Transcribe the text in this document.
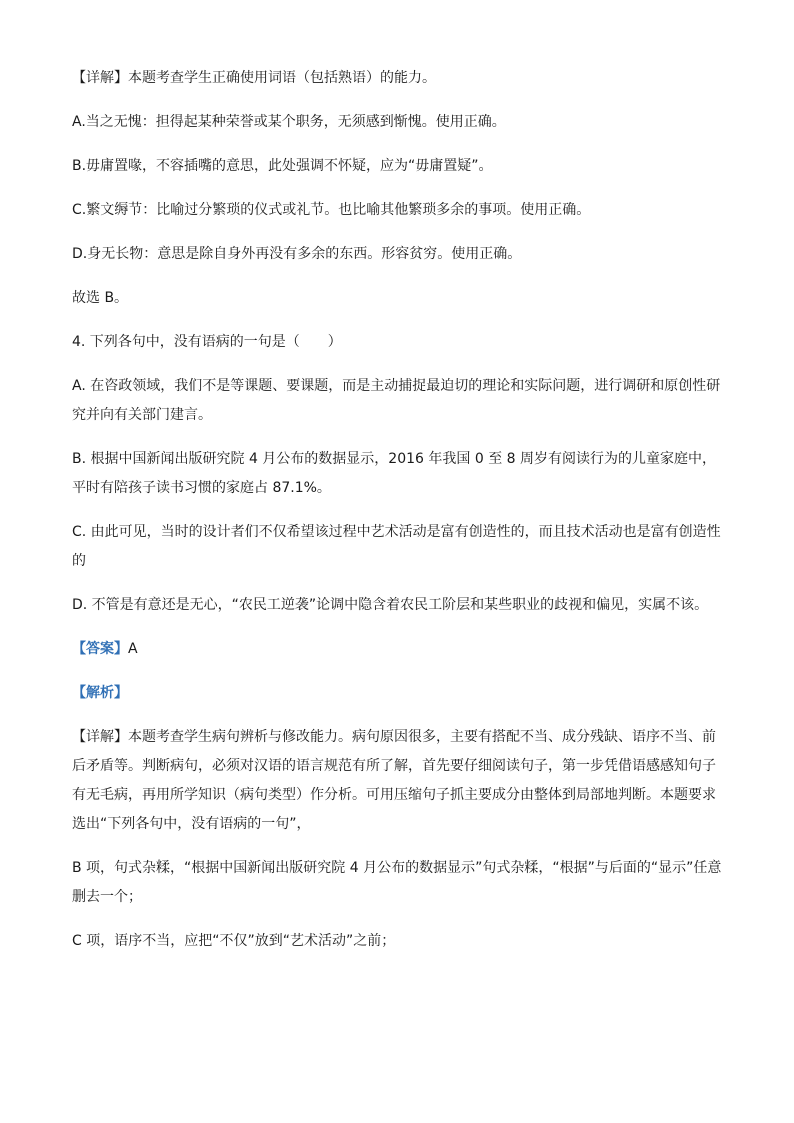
【详解】本题考查学生正确使用词语（包括熟语）的能力。

A.当之无愧：担得起某种荣誉或某个职务，无须感到惭愧。使用正确。

B.毋庸置喙，不容插嘴的意思，此处强调不怀疑，应为“毋庸置疑”。

C.繁文缛节：比喻过分繁琐的仪式或礼节。也比喻其他繁琐多余的事项。使用正确。

D.身无长物：意思是除自身外再没有多余的东西。形容贫穷。使用正确。

故选 B。

4. 下列各句中，没有语病的一句是（　　）

A. 在咨政领域，我们不是等课题、要课题，而是主动捕捉最迫切的理论和实际问题，进行调研和原创性研究并向有关部门建言。

B. 根据中国新闻出版研究院 4 月公布的数据显示，2016 年我国 0 至 8 周岁有阅读行为的儿童家庭中，平时有陪孩子读书习惯的家庭占 87.1%。

C. 由此可见，当时的设计者们不仅希望该过程中艺术活动是富有创造性的，而且技术活动也是富有创造性的

D. 不管是有意还是无心，“农民工逆袭”论调中隐含着农民工阶层和某些职业的歧视和偏见，实属不该。

【答案】A

【解析】

【详解】本题考查学生病句辨析与修改能力。病句原因很多，主要有搭配不当、成分残缺、语序不当、前后矛盾等。判断病句，必须对汉语的语言规范有所了解，首先要仔细阅读句子，第一步凭借语感感知句子有无毛病，再用所学知识（病句类型）作分析。可用压缩句子抓主要成分由整体到局部地判断。本题要求选出“下列各句中，没有语病的一句”，

B 项，句式杂糅，“根据中国新闻出版研究院 4 月公布的数据显示”句式杂糅，“根据”与后面的“显示”任意删去一个；

C 项，语序不当，应把“不仅”放到“艺术活动”之前；
